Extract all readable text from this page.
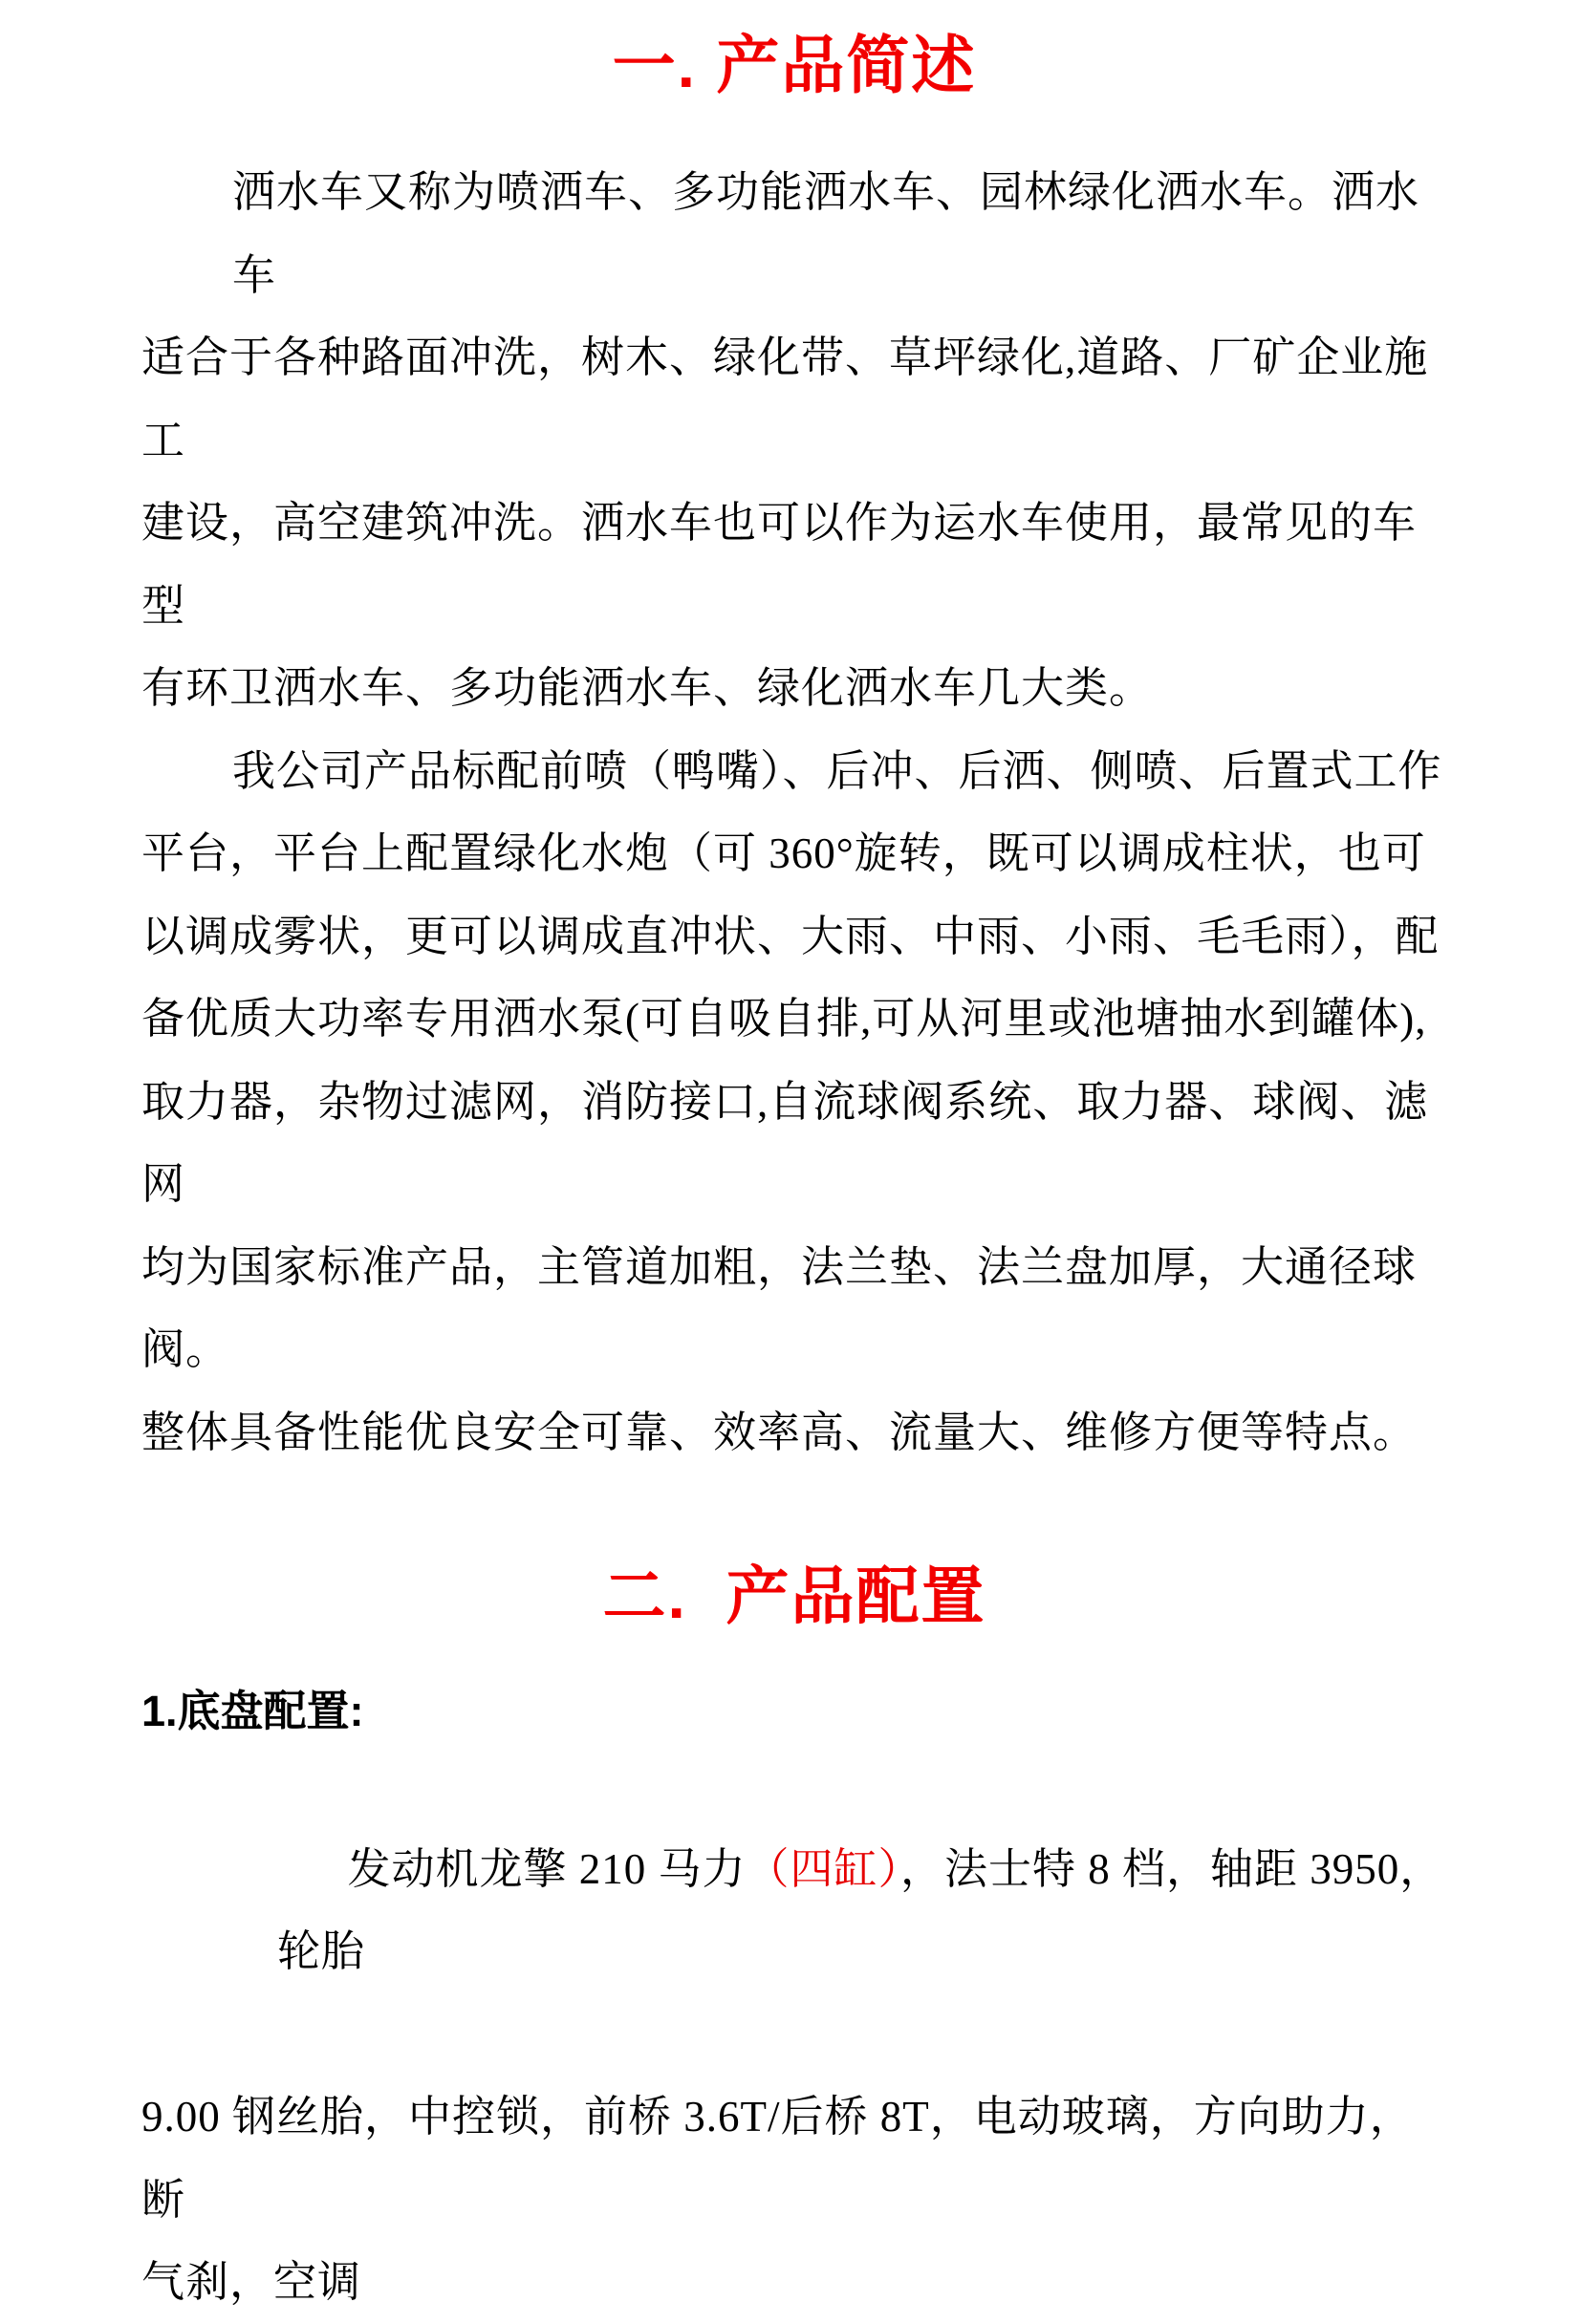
一. 产品简述
洒水车又称为喷洒车、多功能洒水车、园林绿化洒水车。洒水车
适合于各种路面冲洗，树木、绿化带、草坪绿化,道路、厂矿企业施工
建设，高空建筑冲洗。洒水车也可以作为运水车使用，最常见的车型
有环卫洒水车、多功能洒水车、绿化洒水车几大类。
我公司产品标配前喷（鸭嘴）、后冲、后洒、侧喷、后置式工作
平台，平台上配置绿化水炮（可 360°旋转，既可以调成柱状，也可
以调成雾状，更可以调成直冲状、大雨、中雨、小雨、毛毛雨），配
备优质大功率专用洒水泵(可自吸自排,可从河里或池塘抽水到罐体),
取力器，杂物过滤网，消防接口,自流球阀系统、取力器、球阀、滤网
均为国家标准产品，主管道加粗，法兰垫、法兰盘加厚，大通径球阀。
整体具备性能优良安全可靠、效率高、流量大、维修方便等特点。
二.  产品配置
1.底盘配置:

发动机龙擎 210 马力（四缸），法士特 8 档，轴距 3950，轮胎

9.00 钢丝胎，中控锁，前桥 3.6T/后桥 8T，电动玻璃，方向助力，断
气刹，空调
